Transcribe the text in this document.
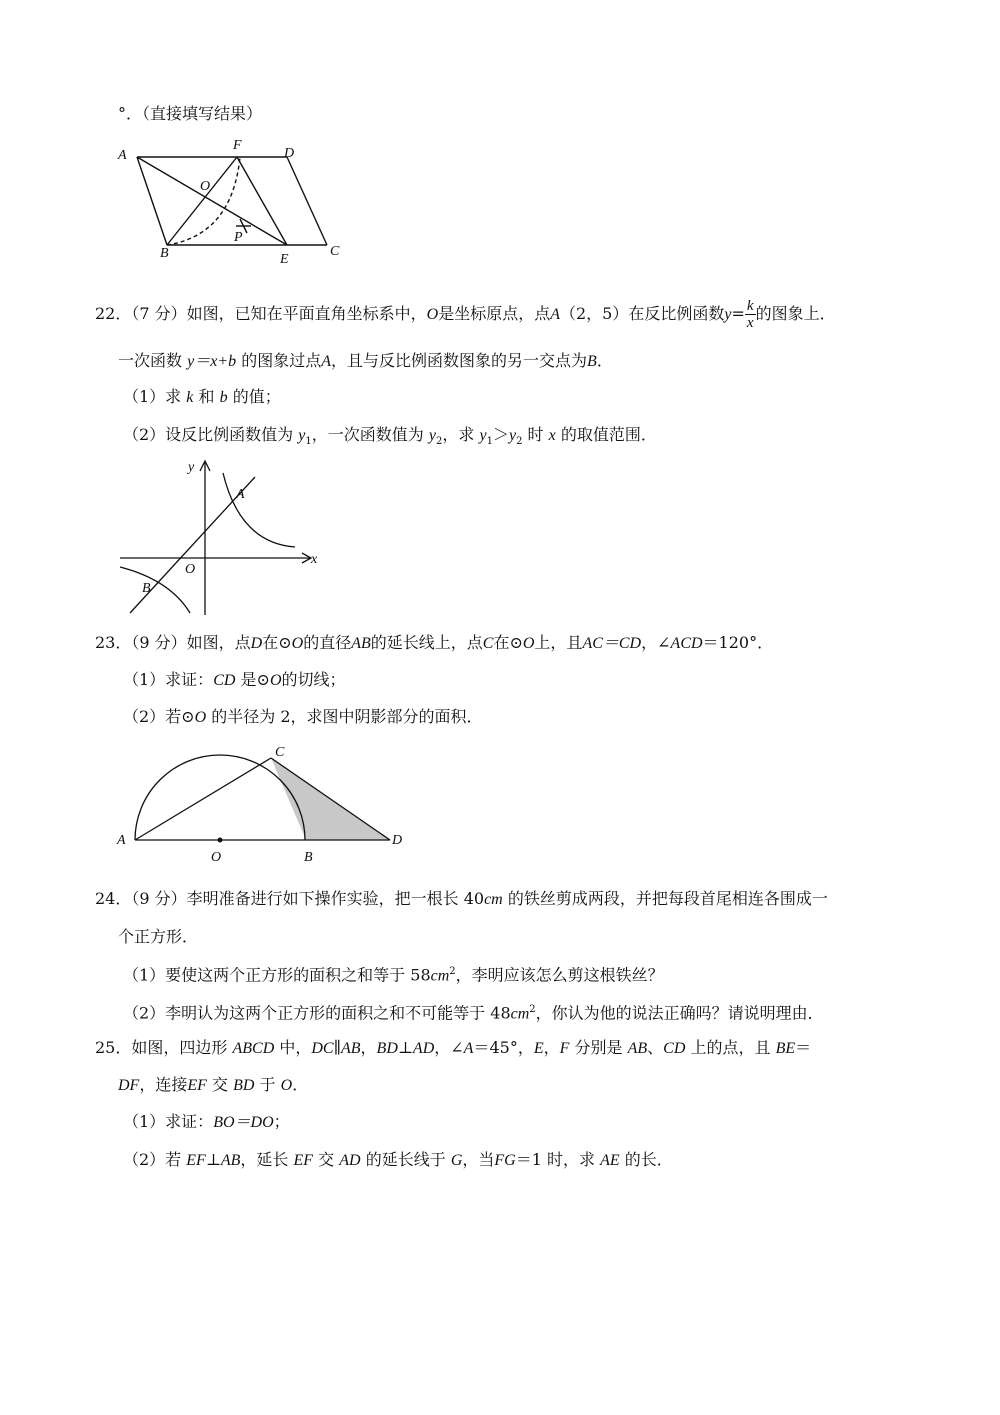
°．（直接填写结果）
A
F
D
O
P
B	E
C
22．（7 分）如图，已知在平面直角坐标系中，O是坐标原点，点A（2，5）在反比例函数$y= \frac{k}{x}$ 的图象上．
一次函数 y＝x+b 的图象过点A，且与反比例函数图象的另一交点为B．
（1）求 k 和 b 的值；
（2）设反比例函数值为 $y_1$，一次函数值为 $y_2$，求 $y_1>y_2$ 时 x 的取值范围．
y
x
A
O
B
23．（9 分）如图，点D在⊙O的直径AB的延长线上，点C在⊙O上，且AC＝CD，∠ACD＝120°．
（1）求证：CD 是⊙O的切线；
（2）若⊙O 的半径为 2，求图中阴影部分的面积．
A
O	B
C
D
24．（9 分）李明准备进行如下操作实验，把一根长 40cm 的铁丝剪成两段，并把每段首尾相连各围成一
个正方形．
（1）要使这两个正方形的面积之和等于 $58cm^2$，李明应该怎么剪这根铁丝？
（2）李明认为这两个正方形的面积之和不可能等于 $48cm^2$，你认为他的说法正确吗？请说明理由．
25．如图，四边形 ABCD 中，DC∥AB，BD⊥AD，∠A＝45°，E，F 分别是 AB、CD 上的点，且 BE＝
DF，连接EF 交 BD 于 O．
（1）求证：BO＝DO；
（2）若 EF⊥AB，延长 EF 交 AD 的延长线于 G，当FG＝1 时，求 AE 的长．
